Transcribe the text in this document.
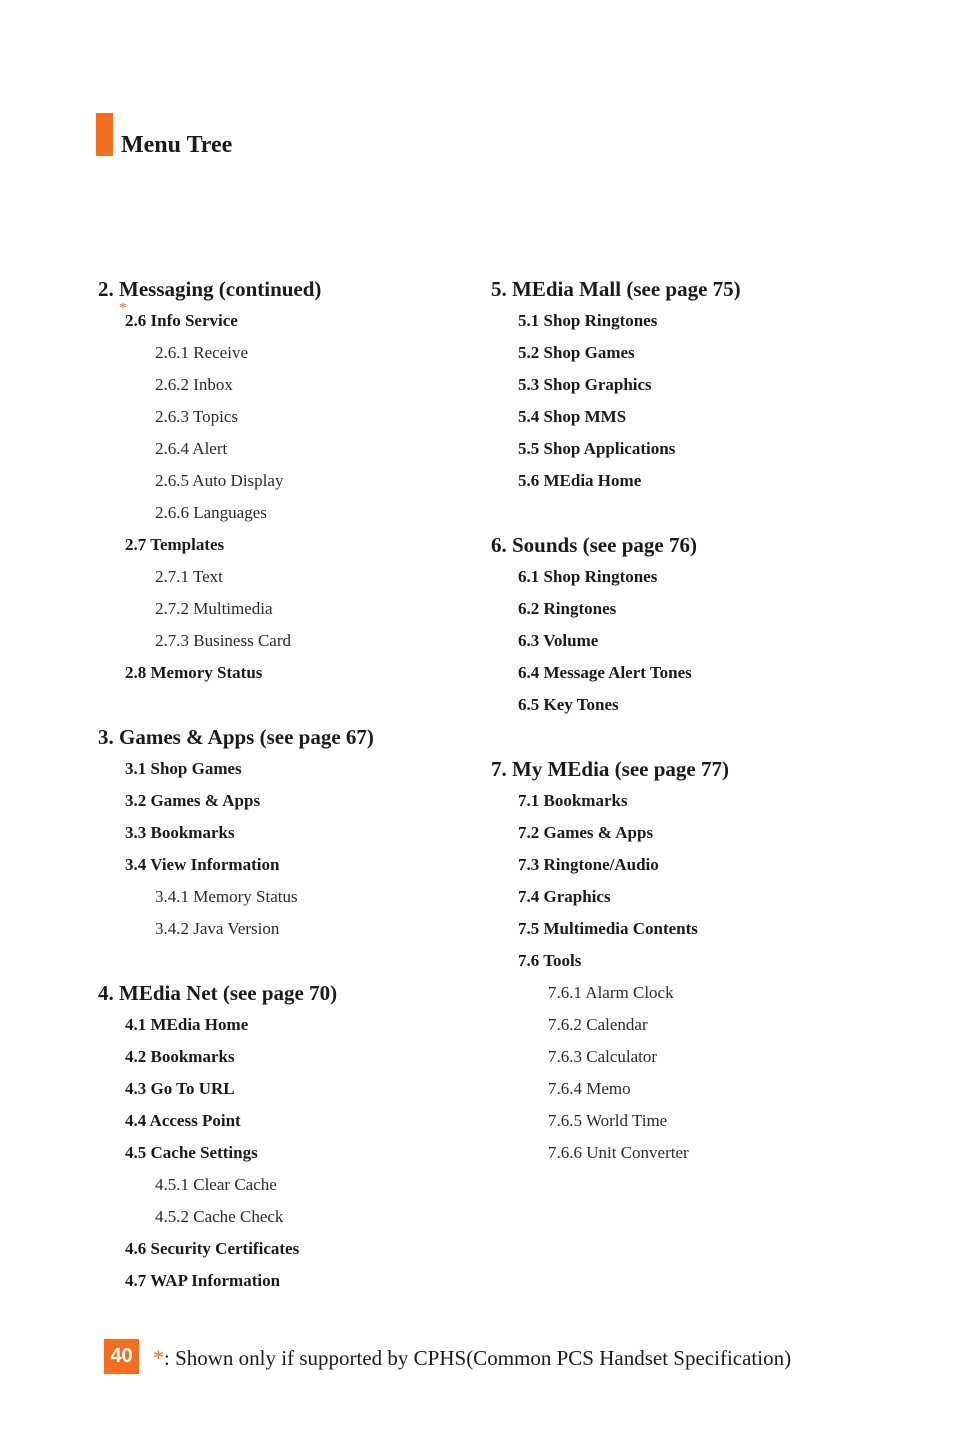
Menu Tree
2. Messaging (continued)
*
2.6 Info Service
2.6.1 Receive
2.6.2 Inbox
2.6.3 Topics
2.6.4 Alert
2.6.5 Auto Display
2.6.6 Languages
2.7 Templates
2.7.1 Text
2.7.2 Multimedia
2.7.3 Business Card
2.8 Memory Status
3. Games & Apps (see page 67)
3.1 Shop Games
3.2 Games & Apps
3.3 Bookmarks
3.4 View Information
3.4.1 Memory Status
3.4.2 Java Version
4. MEdia Net (see page 70)
4.1 MEdia Home
4.2 Bookmarks
4.3 Go To URL
4.4 Access Point
4.5 Cache Settings
4.5.1 Clear Cache
4.5.2 Cache Check
4.6 Security Certificates
4.7 WAP Information
5. MEdia Mall (see page 75)
5.1 Shop Ringtones
5.2 Shop Games
5.3 Shop Graphics
5.4 Shop MMS
5.5 Shop Applications
5.6 MEdia Home
6. Sounds (see page 76)
6.1 Shop Ringtones
6.2 Ringtones
6.3 Volume
6.4 Message Alert Tones
6.5 Key Tones
7. My MEdia (see page 77)
7.1 Bookmarks
7.2 Games & Apps
7.3 Ringtone/Audio
7.4 Graphics
7.5 Multimedia Contents
7.6 Tools
7.6.1 Alarm Clock
7.6.2 Calendar
7.6.3 Calculator
7.6.4 Memo
7.6.5 World Time
7.6.6 Unit Converter
40 *: Shown only if supported by CPHS(Common PCS Handset Specification)
